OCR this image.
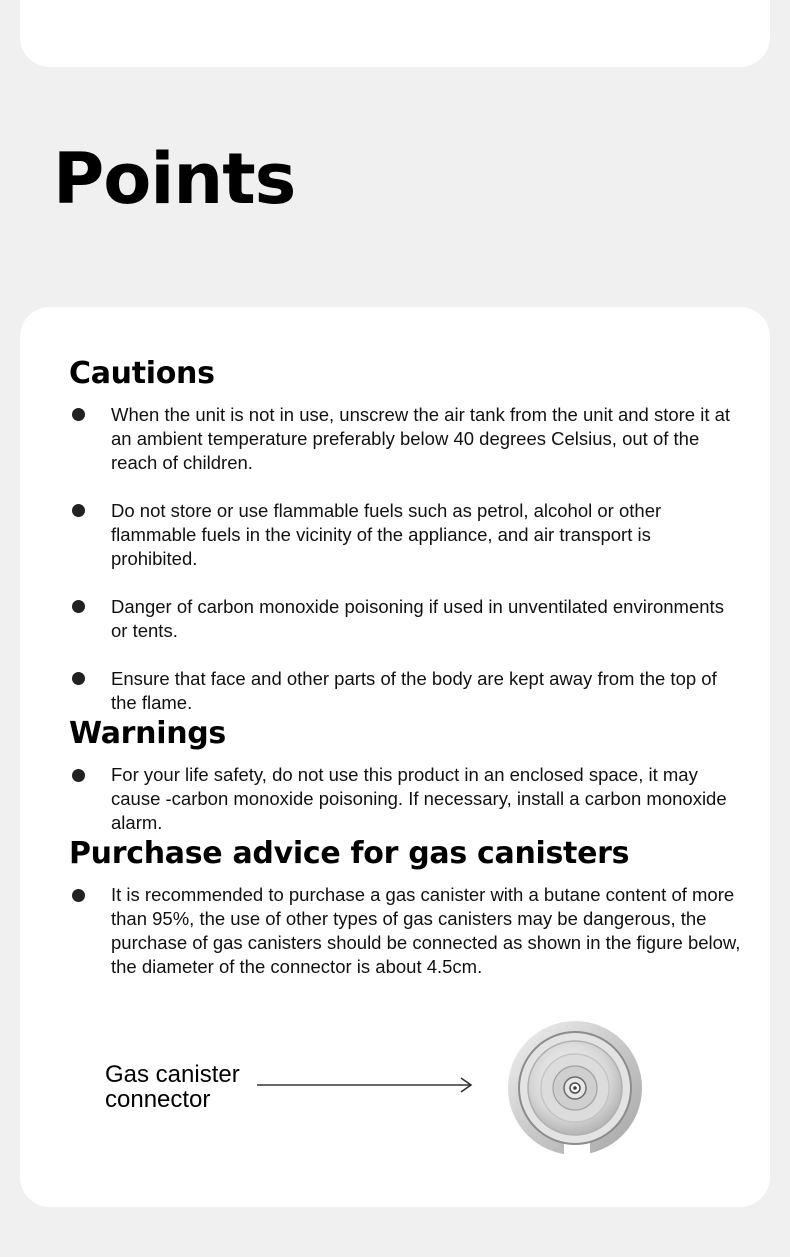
Points
Cautions
When the unit is not in use, unscrew the air tank from the unit and store it at an ambient temperature preferably below 40 degrees Celsius, out of the reach of children.
Do not store or use flammable fuels such as petrol, alcohol or other flammable fuels in the vicinity of the appliance, and air transport is prohibited.
Danger of carbon monoxide poisoning if used in unventilated environments or tents.
Ensure that face and other parts of the body are kept away from the top of the flame.
Warnings
For your life safety, do not use this product in an enclosed space, it may cause -carbon monoxide poisoning. If necessary, install a carbon monoxide alarm.
Purchase advice for gas canisters
It is recommended to purchase a gas canister with a butane content of more than 95%, the use of other types of gas canisters may be dangerous, the purchase of gas canisters should be connected as shown in the figure below, the diameter of the connector is about 4.5cm.
Gas canister connector
